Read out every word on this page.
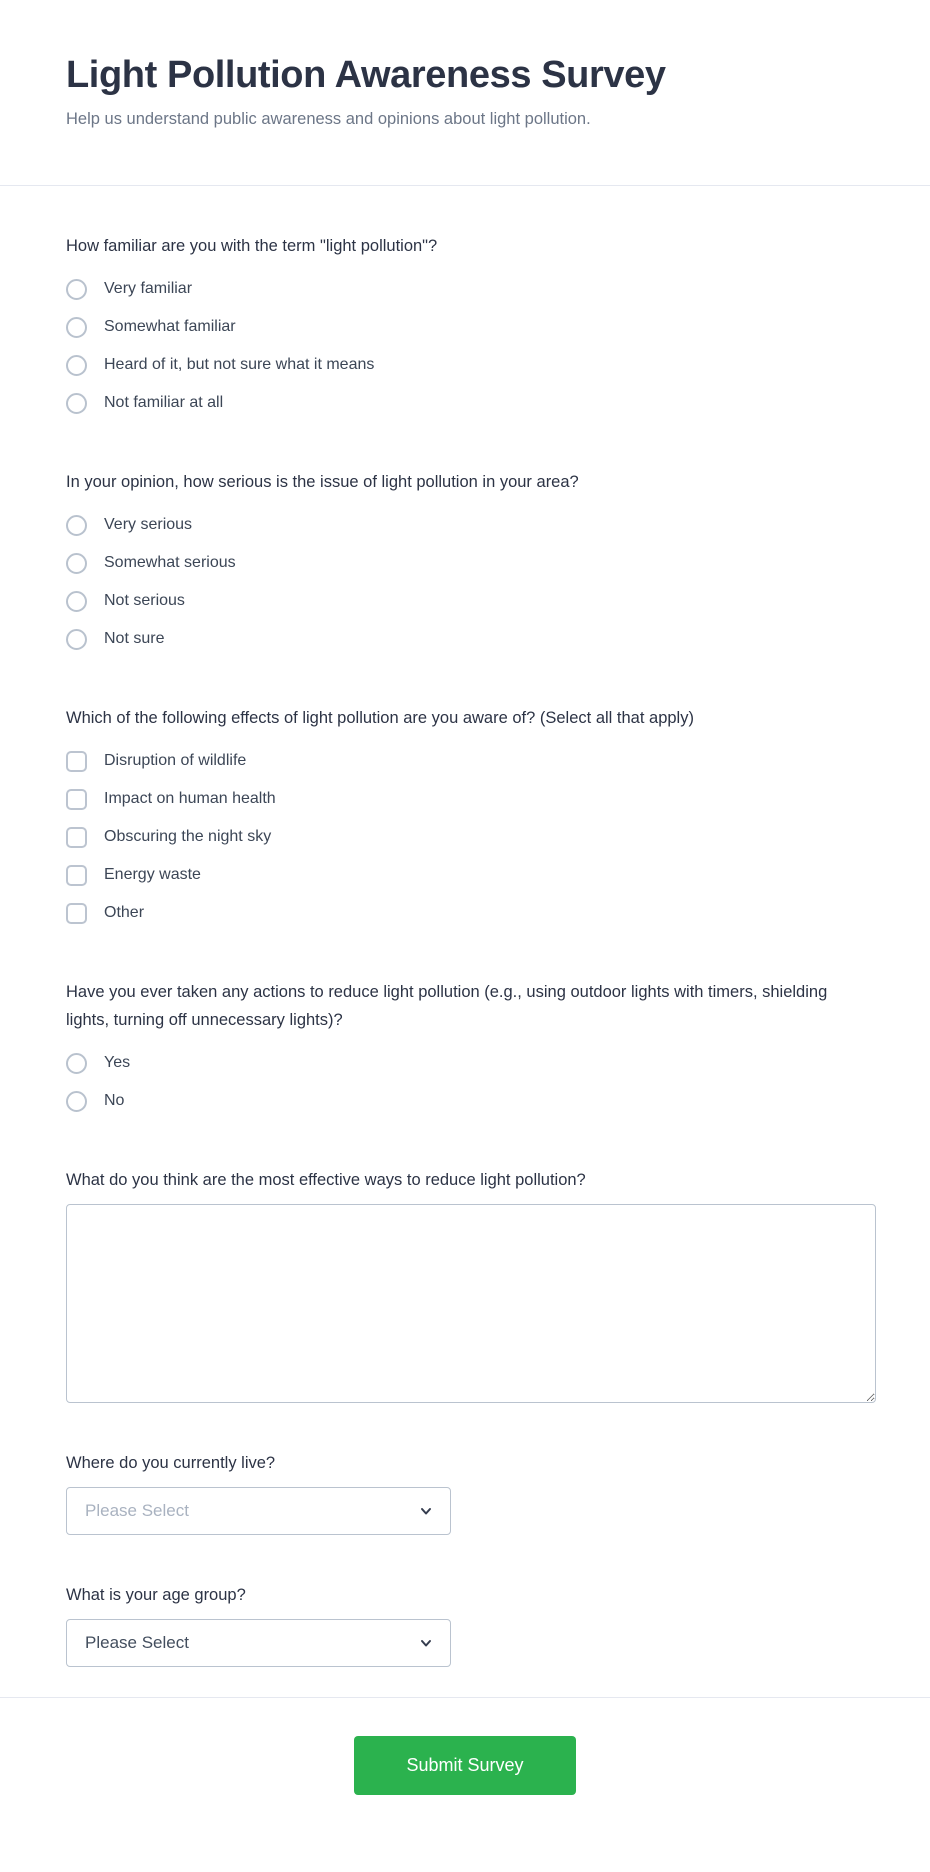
Light Pollution Awareness Survey

Help us understand public awareness and opinions about light pollution.

How familiar are you with the term "light pollution"?
Very familiar
Somewhat familiar
Heard of it, but not sure what it means
Not familiar at all
In your opinion, how serious is the issue of light pollution in your area?
Very serious
Somewhat serious
Not serious
Not sure
Which of the following effects of light pollution are you aware of? (Select all that apply)
Disruption of wildlife
Impact on human health
Obscuring the night sky
Energy waste
Other
Have you ever taken any actions to reduce light pollution (e.g., using outdoor lights with timers, shielding lights, turning off unnecessary lights)?
Yes
No
What do you think are the most effective ways to reduce light pollution?
Where do you currently live?
Please Select
What is your age group?
Please Select
Submit Survey
